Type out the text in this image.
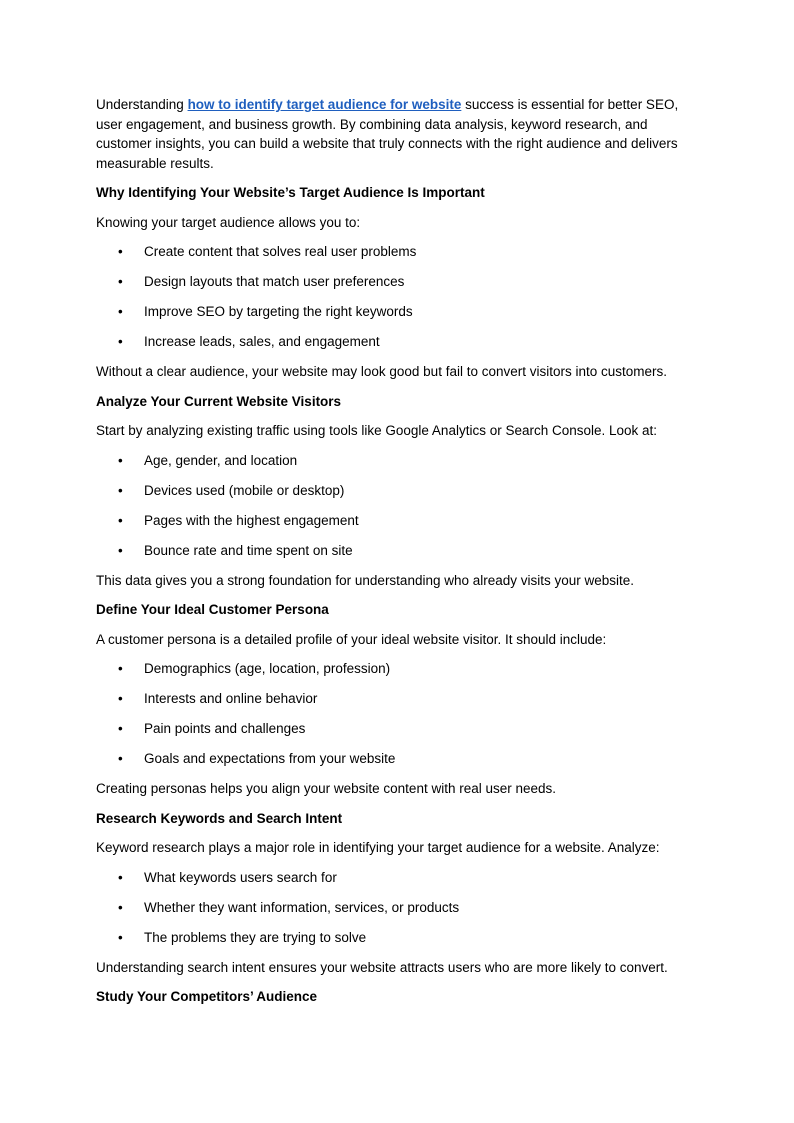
Understanding how to identify target audience for website success is essential for better SEO, user engagement, and business growth. By combining data analysis, keyword research, and customer insights, you can build a website that truly connects with the right audience and delivers measurable results.

Why Identifying Your Website’s Target Audience Is Important

Knowing your target audience allows you to:

• Create content that solves real user problems
• Design layouts that match user preferences
• Improve SEO by targeting the right keywords
• Increase leads, sales, and engagement

Without a clear audience, your website may look good but fail to convert visitors into customers.

Analyze Your Current Website Visitors

Start by analyzing existing traffic using tools like Google Analytics or Search Console. Look at:

• Age, gender, and location
• Devices used (mobile or desktop)
• Pages with the highest engagement
• Bounce rate and time spent on site

This data gives you a strong foundation for understanding who already visits your website.

Define Your Ideal Customer Persona

A customer persona is a detailed profile of your ideal website visitor. It should include:

• Demographics (age, location, profession)
• Interests and online behavior
• Pain points and challenges
• Goals and expectations from your website

Creating personas helps you align your website content with real user needs.

Research Keywords and Search Intent

Keyword research plays a major role in identifying your target audience for a website. Analyze:

• What keywords users search for
• Whether they want information, services, or products
• The problems they are trying to solve

Understanding search intent ensures your website attracts users who are more likely to convert.

Study Your Competitors’ Audience
